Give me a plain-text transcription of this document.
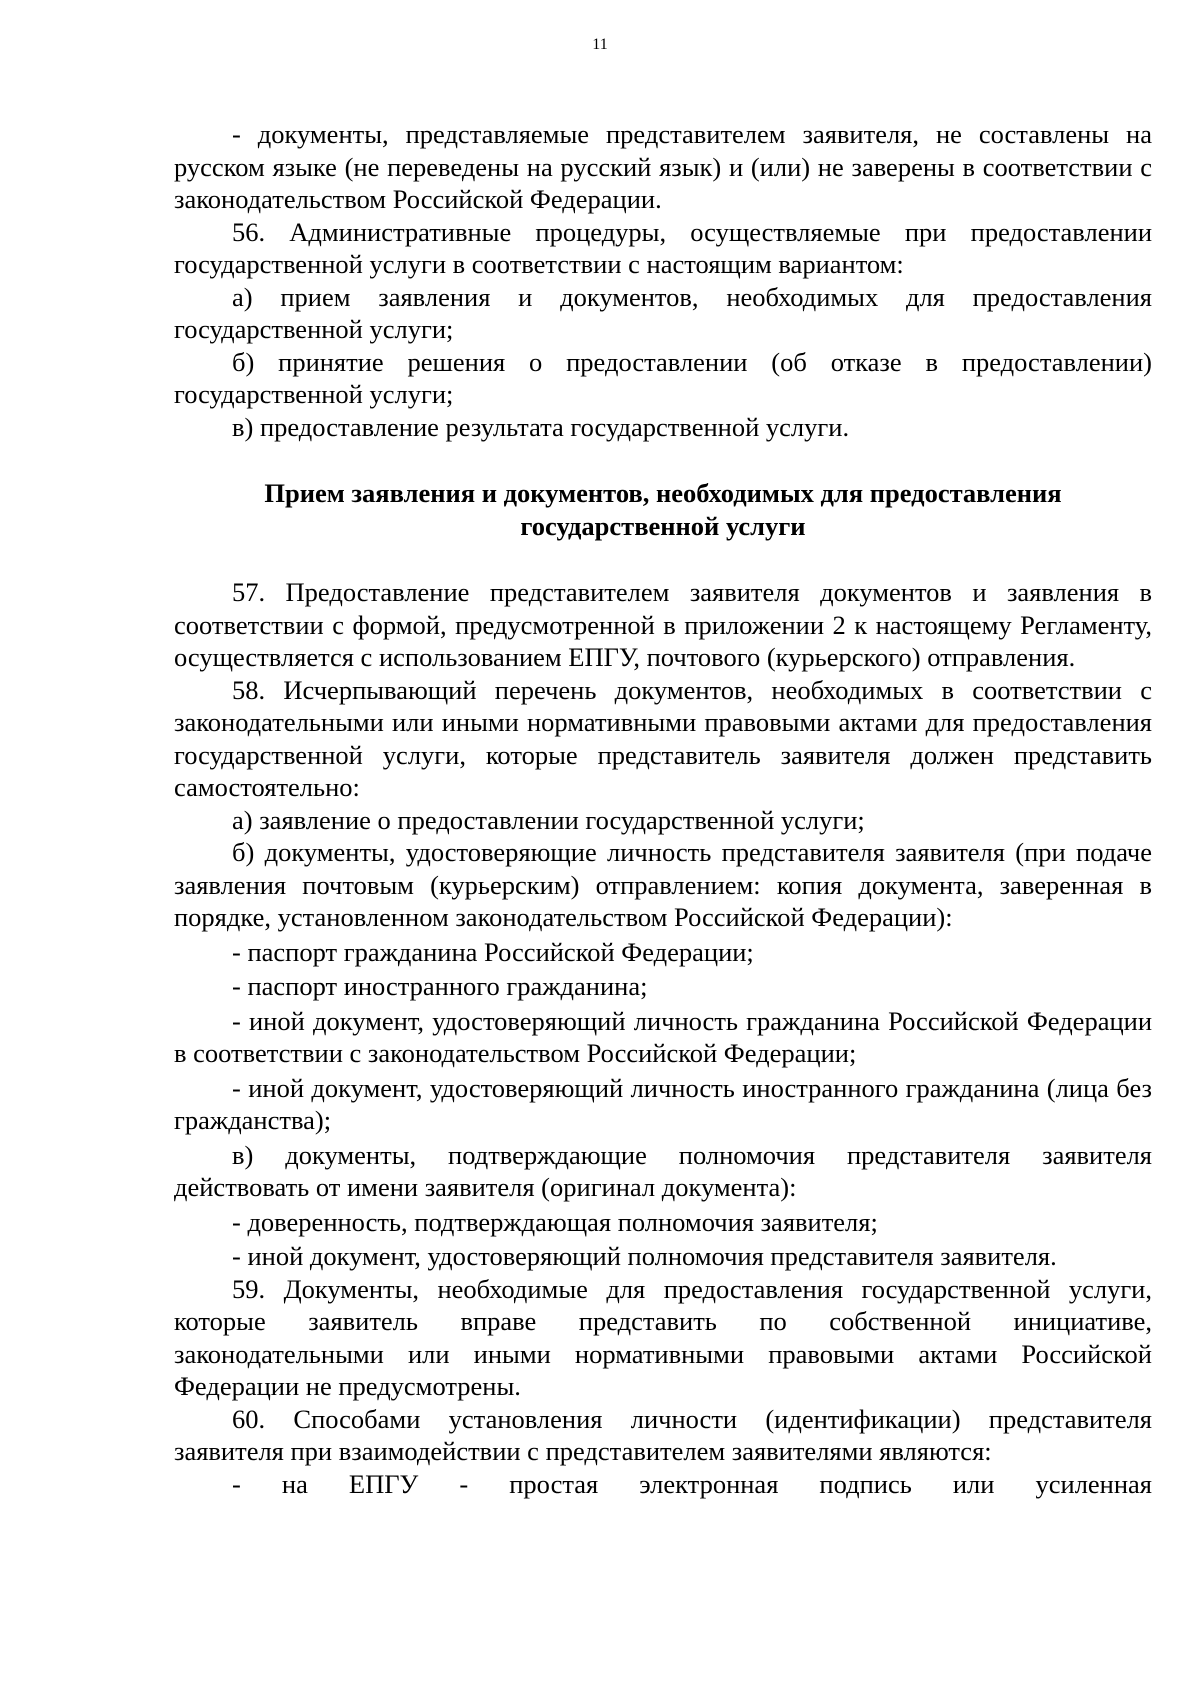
11

- документы, представляемые представителем заявителя, не составлены на русском языке (не переведены на русский язык) и (или) не заверены в соответствии с законодательством Российской Федерации.

56. Административные процедуры, осуществляемые при предоставлении государственной услуги в соответствии с настоящим вариантом:

а) прием заявления и документов, необходимых для предоставления государственной услуги;

б) принятие решения о предоставлении (об отказе в предоставлении) государственной услуги;

в) предоставление результата государственной услуги.

Прием заявления и документов, необходимых для предоставления
государственной услуги

57. Предоставление представителем заявителя документов и заявления в соответствии с формой, предусмотренной в приложении 2 к настоящему Регламенту, осуществляется с использованием ЕПГУ, почтового (курьерского) отправления.

58. Исчерпывающий перечень документов, необходимых в соответствии с законодательными или иными нормативными правовыми актами для предоставления государственной услуги, которые представитель заявителя должен представить самостоятельно:

а) заявление о предоставлении государственной услуги;

б) документы, удостоверяющие личность представителя заявителя (при подаче заявления почтовым (курьерским) отправлением: копия документа, заверенная в порядке, установленном законодательством Российской Федерации):

- паспорт гражданина Российской Федерации;

- паспорт иностранного гражданина;

- иной документ, удостоверяющий личность гражданина Российской Федерации в соответствии с законодательством Российской Федерации;

- иной документ, удостоверяющий личность иностранного гражданина (лица без гражданства);

в) документы, подтверждающие полномочия представителя заявителя действовать от имени заявителя (оригинал документа):

- доверенность, подтверждающая полномочия заявителя;

- иной документ, удостоверяющий полномочия представителя заявителя.

59. Документы, необходимые для предоставления государственной услуги, которые заявитель вправе представить по собственной инициативе, законодательными или иными нормативными правовыми актами Российской Федерации не предусмотрены.

60. Способами установления личности (идентификации) представителя заявителя при взаимодействии с представителем заявителями являются:

- на ЕПГУ - простая электронная подпись или усиленная
